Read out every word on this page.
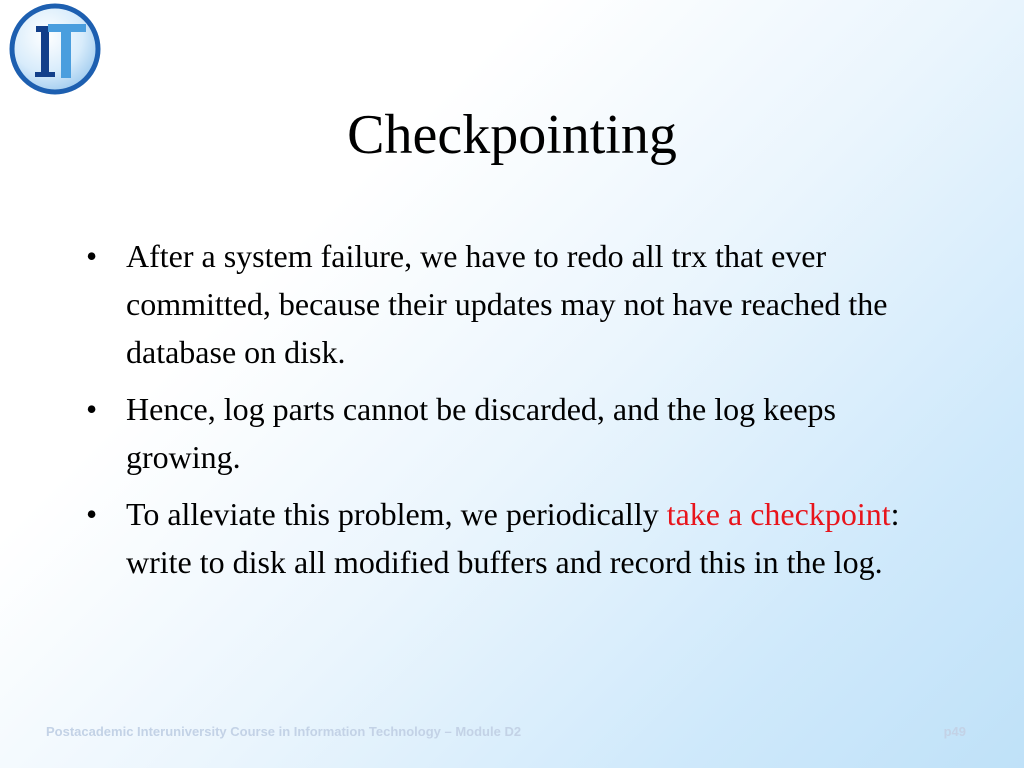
Checkpointing
• After a system failure, we have to redo all trx that ever committed, because their updates may not have reached the database on disk.
• Hence, log parts cannot be discarded, and the log keeps growing.
• To alleviate this problem, we periodically take a checkpoint: write to disk all modified buffers and record this in the log.
Postacademic Interuniversity Course in Information Technology – Module D2	p49
